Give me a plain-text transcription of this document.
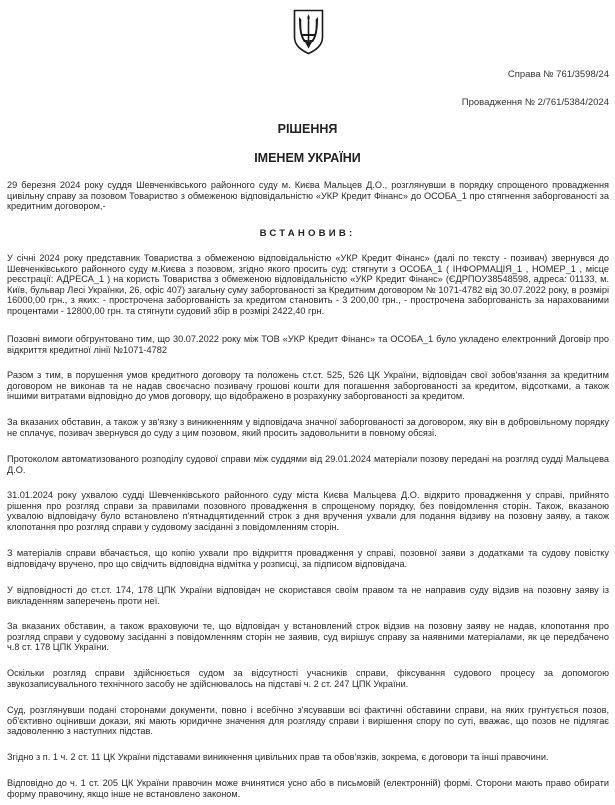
Справа № 761/3598/24
Провадження № 2/761/5384/2024
РІШЕННЯ
ІМЕНЕМ УКРАЇНИ

29 березня 2024 року суддя Шевченківського районного суду м. Києва Мальцев Д.О., розглянувши в порядку спрощеного провадження цивільну справу за позовом Товариство з обмеженою відповідальністю «УКР Кредит Фінанс» до ОСОБА_1 про стягнення заборгованості за кредитним договором,-

ВСТАНОВИВ:

У січні 2024 року представник Товариства з обмеженою відповідальністю «УКР Кредит Фінанс» (далі по тексту - позивач) звернувся до Шевченківського районного суду м.Києва з позовом, згідно якого просить суд: стягнути з ОСОБА_1 ( ІНФОРМАЦІЯ_1 , НОМЕР_1 , місце реєстрації: АДРЕСА_1 ) на користь Товариства з обмеженою відповідальністю «УКР Кредит Фінанс» (ЄДРПОУ38548598, адреса: 01133, м. Київ, бульвар Лесі Українки, 26, офіс 407) загальну суму заборгованості за Кредитним договором № 1071-4782 від 30.07.2022 року, в розмірі 16000,00 грн., з яких: - прострочена заборгованість за кредитом становить - 3 200,00 грн., - прострочена заборгованість за нарахованими процентами - 12800,00 грн. та стягнути судовий збір в розмірі 2422,40 грн.

Позовні вимоги обгрунтовано тим, що 30.07.2022 року між ТОВ «УКР Кредит Фінанс» та ОСОБА_1 було укладено електронний Договір про відкриття кредитної лінії №1071-4782

Разом з тим, в порушення умов кредитного договору та положень ст.ст. 525, 526 ЦК України, відповідач свої зобов'язання за кредитним договором не виконав та не надав своєчасно позивачу грошові кошти для погашення заборгованості за кредитом, відсотками, а також іншими витратами відповідно до умов договору, що відображено в розрахунку заборгованості за кредитом.

За вказаних обставин, а також у зв'язку з виникненням у відповідача значної заборгованості за договором, яку він в добровільному порядку не сплачує, позивач звернувся до суду з цим позовом, який просить задовольнити в повному обсязі.

Протоколом автоматизованого розподілу судової справи між суддями від 29.01.2024 матеріали позову передані на розгляд судді Мальцева Д.О.

31.01.2024 року ухвалою судді Шевченківського районного суду міста Києва Мальцева Д.О. відкрито провадження у справі, прийнято рішення про розгляд справи за правилами позовного провадження в спрощеному порядку, без повідомлення сторін. Також, вказаною ухвалою відповідачу було встановлено п'ятнадцятиденний строк з дня вручення ухвали для подання відзиву на позовну заяву, а також клопотання про розгляд справи у судовому засіданні з повідомленням сторін.

З матеріалів справи вбачається, що копію ухвали про відкриття провадження у справі, позовної заяви з додатками та судову повістку відповідачу вручено, про що свідчить відповідна відмітка у розписці, за підписом відповідача.

У відповідності до ст.ст. 174, 178 ЦПК України відповідач не скористався своїм правом та не направив суду відзив на позовну заяву із викладенням заперечень проти неї.

За вказаних обставин, а також враховуючи те, що відповідач у встановлений строк відзив на позовну заяву не надав, клопотання про розгляд справи у судовому засіданні з повідомленням сторін не заявив, суд вирішує справу за наявними матеріалами, як це передбачено ч.8 ст. 178 ЦПК України.

Оскільки розгляд справи здійснюється судом за відсутності учасників справи, фіксування судового процесу за допомогою звукозаписувального технічного засобу не здійснювалось на підставі ч. 2 ст. 247 ЦПК України.

Суд, розглянувши подані сторонами документи, повно і всебічно з'ясувавши всі фактичні обставини справи, на яких грунтується позов, об'єктивно оцінивши докази, які мають юридичне значення для розгляду справи і вирішення спору по суті, вважає, що позов не підлягає задоволенню з наступних підстав.

Згідно з п. 1 ч. 2 ст. 11 ЦК України підставами виникнення цивільних прав та обов'язків, зокрема, є договори та інші правочини.

Відповідно до ч. 1 ст. 205 ЦК України правочин може вчинятися усно або в письмовій (електронній) формі. Сторони мають право обирати форму правочину, якщо інше не встановлено законом.
